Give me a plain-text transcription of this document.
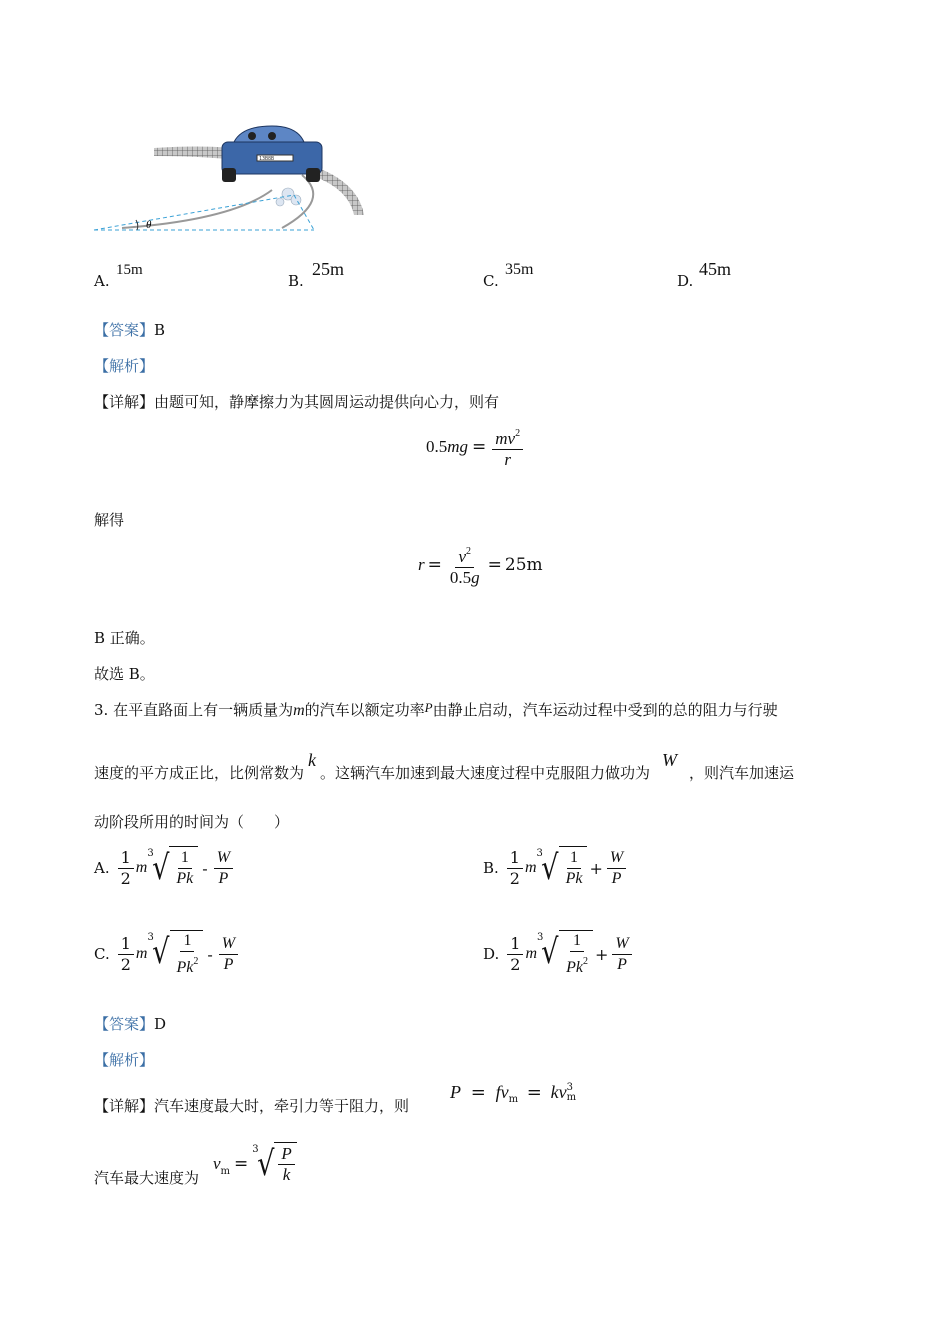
13B8B
θ
A.
15m
B.
25m
C.
35m
D.
45m
【答案】B
【解析】
【详解】由题可知，静摩擦力为其圆周运动提供向心力，则有
$0.5mg = \frac{mv^2}{r}$
解得
$r = \frac{v^2}{0.5g} = 25m$
B 正确。
故选 B。
3. 在平直路面上有一辆质量为m的汽车以额定功率P由静止启动，汽车运动过程中受到的总的阻力与行驶
速度的平方成正比，比例常数为k。这辆汽车加速到最大速度过程中克服阻力做功为W，则汽车加速运
动阶段所用的时间为（　　）
A. $\frac{1}{2}$ m
3
√ $\frac{1}{Pk} - \frac{W}{P}$	B. $\frac{1}{2}$ m
3
√ $\frac{1}{Pk} + \frac{W}{P}$
C. $\frac{1}{2}$ m
3
√ $\frac{1}{Pk^2} - \frac{W}{P}$	D. $\frac{1}{2}$ m
3
√ $\frac{1}{Pk^2} + \frac{W}{P}$
【答案】D
【解析】
【详解】汽车速度最大时，牵引力等于阻力，则
$P = fv_m$ = kv 3
m
汽车最大速度为
$v_m$ =
3
√ $\frac{P}{k}$
